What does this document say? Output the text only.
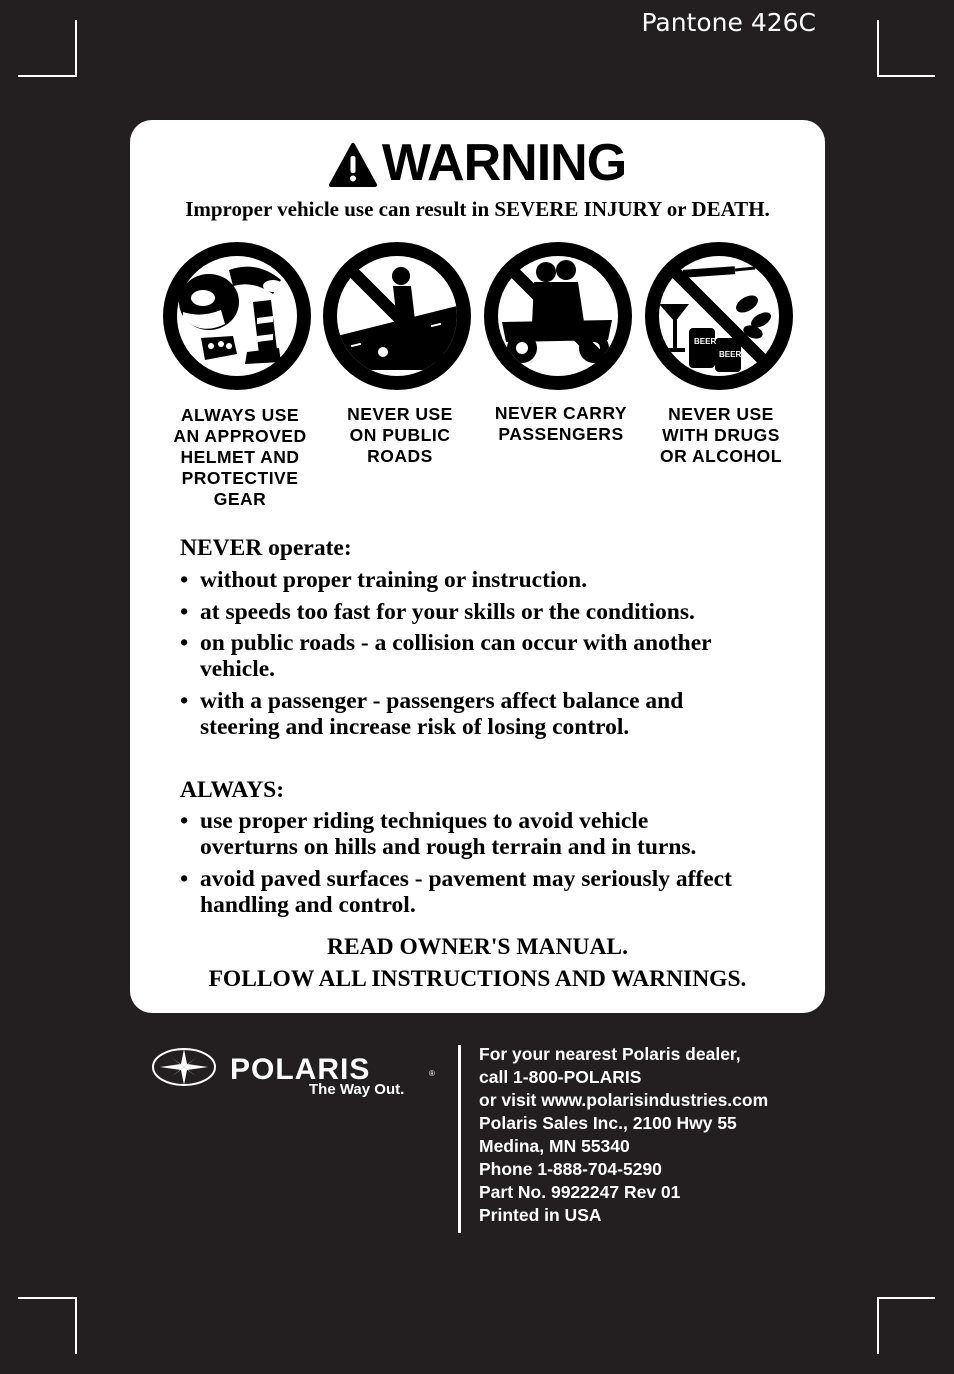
Pantone 426C
WARNING
Improper vehicle use can result in SEVERE INJURY or DEATH.
BEER
BEER
ALWAYS USE
AN APPROVED
HELMET AND
PROTECTIVE
GEAR
NEVER USE
ON PUBLIC
ROADS
NEVER CARRY
PASSENGERS
NEVER USE
WITH DRUGS
OR ALCOHOL
NEVER operate:
• without proper training or instruction.
• at speeds too fast for your skills or the conditions.
• on public roads - a collision can occur with another
vehicle.
• with a passenger - passengers affect balance and
steering and increase risk of losing control.
ALWAYS:
• use proper riding techniques to avoid vehicle
overturns on hills and rough terrain and in turns.
• avoid paved surfaces - pavement may seriously affect
handling and control.
READ OWNER'S MANUAL.
FOLLOW ALL INSTRUCTIONS AND WARNINGS.
POLARIS	®
The Way Out.
For your nearest Polaris dealer,
call 1-800-POLARIS
or visit www.polarisindustries.com
Polaris Sales Inc., 2100 Hwy 55
Medina, MN 55340
Phone 1-888-704-5290
Part No. 9922247 Rev 01
Printed in USA
